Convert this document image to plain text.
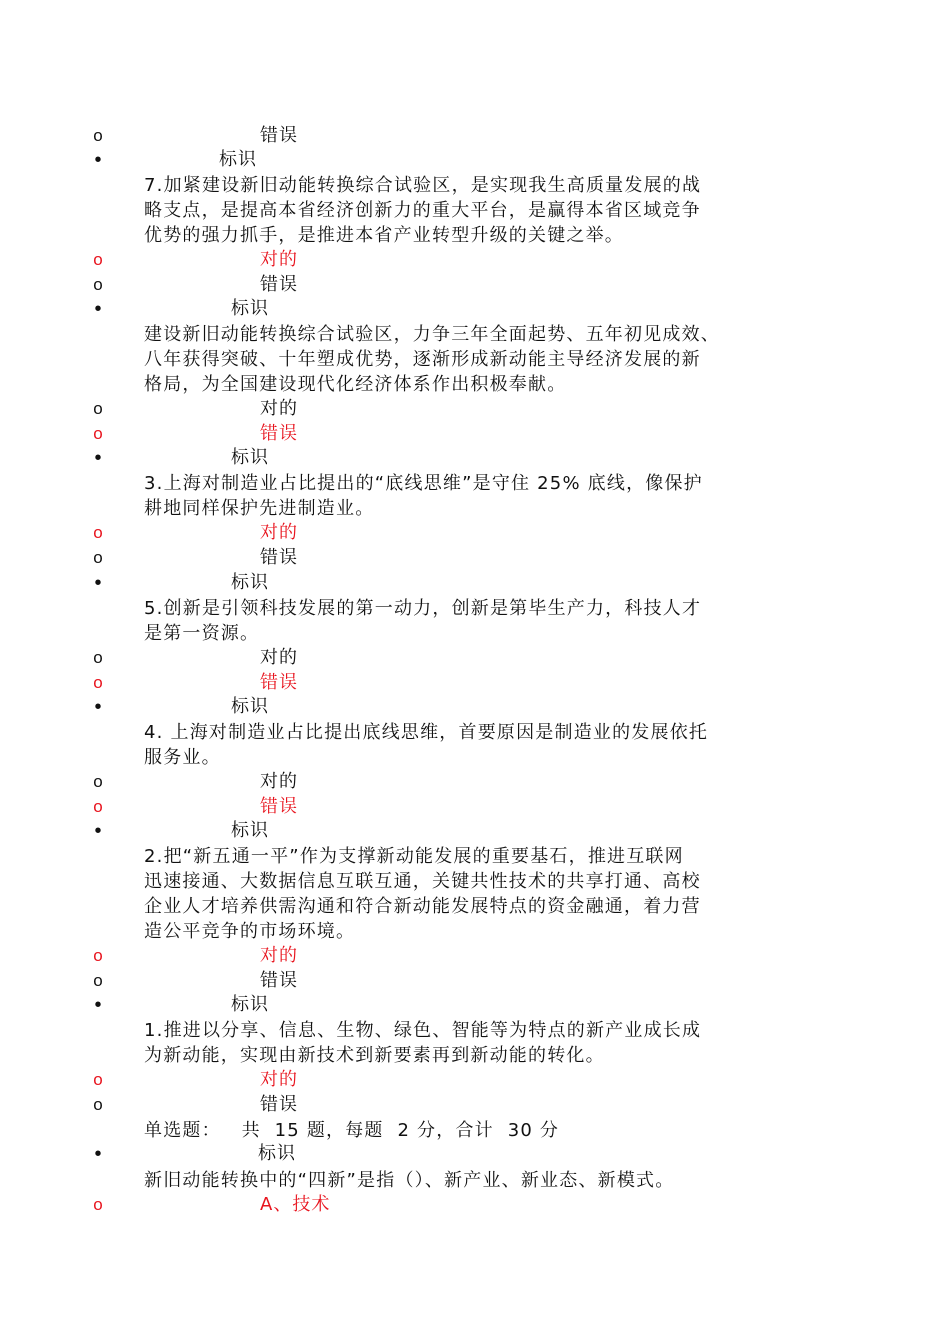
o	错误
•	标识
7.加紧建设新旧动能转换综合试验区，是实现我生高质量发展的战
略支点，是提高本省经济创新力的重大平台，是赢得本省区域竞争
优势的强力抓手，是推进本省产业转型升级的关键之举。
o	对的
o	错误
•	标识
建设新旧动能转换综合试验区，力争三年全面起势、五年初见成效、
八年获得突破、十年塑成优势，逐渐形成新动能主导经济发展的新
格局，为全国建设现代化经济体系作出积极奉献。
o	对的
o	错误
•	标识
3.上海对制造业占比提出的“底线思维”是守住 25% 底线，像保护
耕地同样保护先进制造业。
o	对的
o	错误
•	标识
5.创新是引领科技发展的第一动力，创新是第毕生产力，科技人才
是第一资源。
o	对的
o	错误
•	标识
4. 上海对制造业占比提出底线思维，首要原因是制造业的发展依托
服务业。
o	对的
o	错误
•	标识
2.把“新五通一平”作为支撑新动能发展的重要基石，推进互联网
迅速接通、大数据信息互联互通，关键共性技术的共享打通、高校
企业人才培养供需沟通和符合新动能发展特点的资金融通，着力营
造公平竞争的市场环境。
o	对的
o	错误
•	标识
1.推进以分享、信息、生物、绿色、智能等为特点的新产业成长成
为新动能，实现由新技术到新要素再到新动能的转化。
o	对的
o	错误
单选题：   共  15 题，每题  2 分，合计  30 分
•	标识
新旧动能转换中的“四新”是指（）、新产业、新业态、新模式。
o	A、技术
